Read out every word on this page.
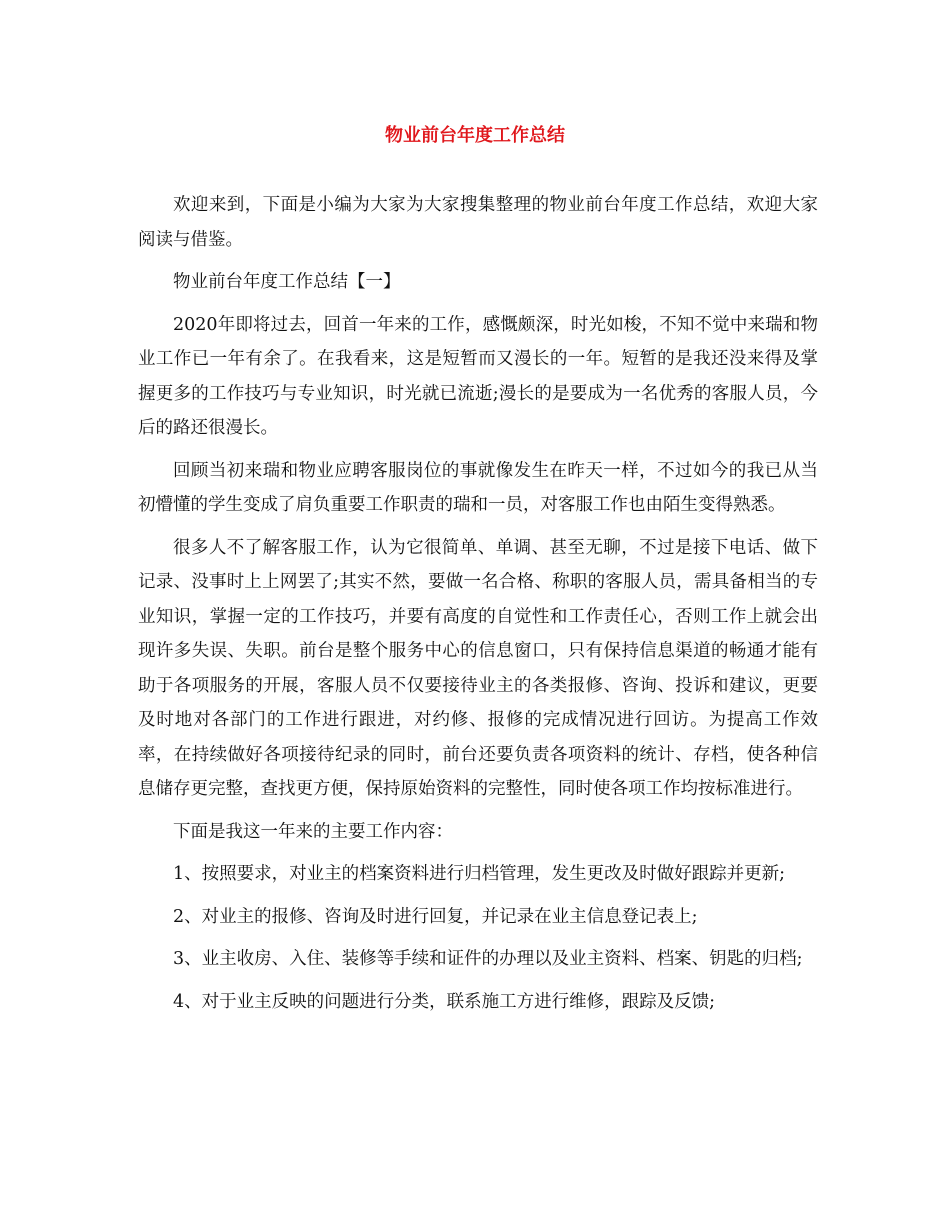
物业前台年度工作总结

欢迎来到，下面是小编为大家为大家搜集整理的物业前台年度工作总结，欢迎大家阅读与借鉴。

物业前台年度工作总结【一】

2020年即将过去，回首一年来的工作，感慨颇深，时光如梭，不知不觉中来瑞和物业工作已一年有余了。在我看来，这是短暂而又漫长的一年。短暂的是我还没来得及掌握更多的工作技巧与专业知识，时光就已流逝;漫长的是要成为一名优秀的客服人员，今后的路还很漫长。

回顾当初来瑞和物业应聘客服岗位的事就像发生在昨天一样，不过如今的我已从当初懵懂的学生变成了肩负重要工作职责的瑞和一员，对客服工作也由陌生变得熟悉。

很多人不了解客服工作，认为它很简单、单调、甚至无聊，不过是接下电话、做下记录、没事时上上网罢了;其实不然，要做一名合格、称职的客服人员，需具备相当的专业知识，掌握一定的工作技巧，并要有高度的自觉性和工作责任心，否则工作上就会出现许多失误、失职。前台是整个服务中心的信息窗口，只有保持信息渠道的畅通才能有助于各项服务的开展，客服人员不仅要接待业主的各类报修、咨询、投诉和建议，更要及时地对各部门的工作进行跟进，对约修、报修的完成情况进行回访。为提高工作效率，在持续做好各项接待纪录的同时，前台还要负责各项资料的统计、存档，使各种信息储存更完整，查找更方便，保持原始资料的完整性，同时使各项工作均按标准进行。

下面是我这一年来的主要工作内容：

1、按照要求，对业主的档案资料进行归档管理，发生更改及时做好跟踪并更新;

2、对业主的报修、咨询及时进行回复，并记录在业主信息登记表上;

3、业主收房、入住、装修等手续和证件的办理以及业主资料、档案、钥匙的归档;

4、对于业主反映的问题进行分类，联系施工方进行维修，跟踪及反馈;
